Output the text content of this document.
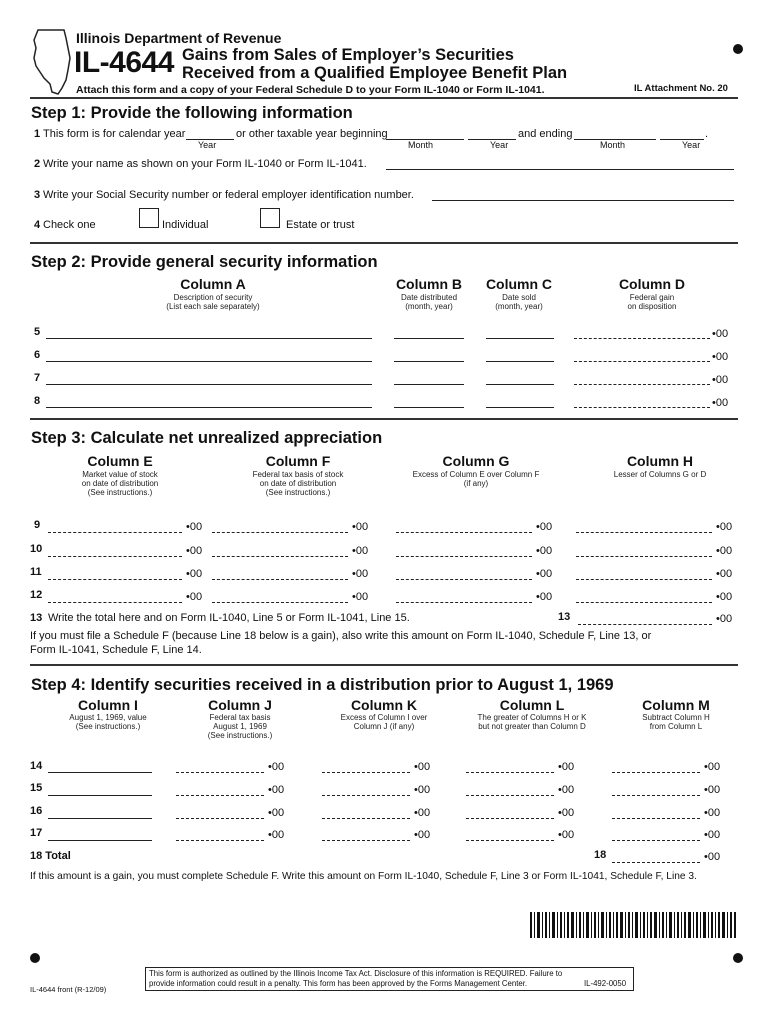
Illinois Department of Revenue
IL-4644 Gains from Sales of Employer’s Securities
Received from a Qualified Employee Benefit Plan
Attach this form and a copy of your Federal Schedule D to your Form IL-1040 or Form IL-1041.	IL Attachment No. 20
Step 1: Provide the following information
1 This form is for calendar year	or other taxable year beginning	and ending	.
Year	Month	Year	Month	Year
2 Write your name as shown on your Form IL-1040 or Form IL-1041.
3 Write your Social Security number or federal employer identification number.
4 Check one	Individual	Estate or trust
Step 2: Provide general security information
Column A
Description of security
(List each sale separately)
Column B
Date distributed
(month, year)
Column C
Date sold
(month, year)
Column D
Federal gain
on disposition
5	•00
6	•00
7	•00
8	•00
Step 3: Calculate net unrealized appreciation
Column E
Market value of stock
on date of distribution
(See instructions.)
Column F
Federal tax basis of stock
on date of distribution
(See instructions.)
Column G
Excess of Column E over Column F
(if any)
Column H
Lesser of Columns G or D
9	•00	•00	•00	•00
10	•00	•00	•00	•00
11	•00	•00	•00	•00
12	•00	•00	•00	•00
13 Write the total here and on Form IL-1040, Line 5 or Form IL-1041, Line 15.	13	•00
If you must file a Schedule F (because Line 18 below is a gain), also write this amount on Form IL-1040, Schedule F, Line 13, or
Form IL-1041, Schedule F, Line 14.
Step 4: Identify securities received in a distribution prior to August 1, 1969
Column I
August 1, 1969, value
(See instructions.)
Column J
Federal tax basis
August 1, 1969
(See instructions.)
Column K
Excess of Column I over
Column J (if any)
Column L
The greater of Columns H or K
but not greater than Column D
Column M
Subtract Column H
from Column L
14	•00	•00	•00	•00
15	•00	•00	•00	•00
16	•00	•00	•00	•00
17	•00	•00	•00	•00
18 Total	18	•00
If this amount is a gain, you must complete Schedule F. Write this amount on Form IL-1040, Schedule F, Line 3 or Form IL-1041, Schedule F, Line 3.
IL-4644 front (R-12/09)
This form is authorized as outlined by the Illinois Income Tax Act. Disclosure of this information is REQUIRED. Failure to
provide information could result in a penalty. This form has been approved by the Forms Management Center.	IL-492-0050
